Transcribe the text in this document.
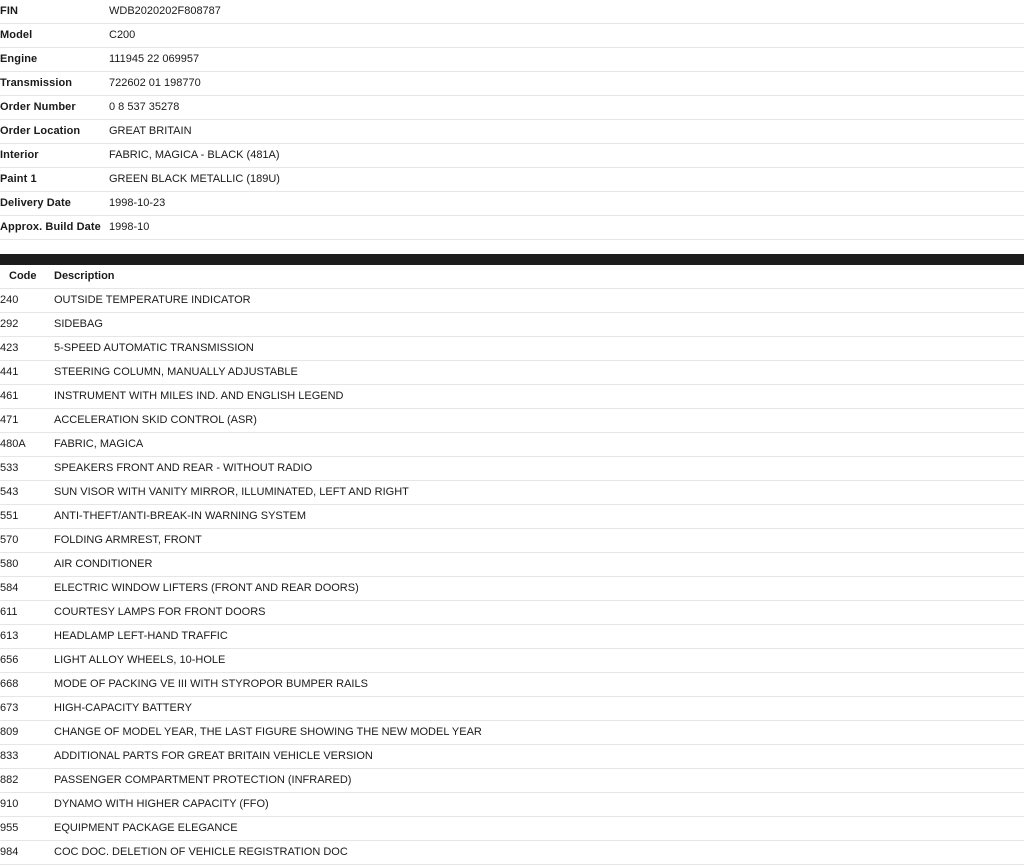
FIN	WDB2020202F808787
Model	C200
Engine	111945 22 069957
Transmission	722602 01 198770
Order Number	0 8 537 35278
Order Location	GREAT BRITAIN
Interior	FABRIC, MAGICA - BLACK (481A)
Paint 1	GREEN BLACK METALLIC (189U)
Delivery Date	1998-10-23
Approx. Build Date	1998-10
Code	Description
240	OUTSIDE TEMPERATURE INDICATOR
292	SIDEBAG
423	5-SPEED AUTOMATIC TRANSMISSION
441	STEERING COLUMN, MANUALLY ADJUSTABLE
461	INSTRUMENT WITH MILES IND. AND ENGLISH LEGEND
471	ACCELERATION SKID CONTROL (ASR)
480A	FABRIC, MAGICA
533	SPEAKERS FRONT AND REAR - WITHOUT RADIO
543	SUN VISOR WITH VANITY MIRROR, ILLUMINATED, LEFT AND RIGHT
551	ANTI-THEFT/ANTI-BREAK-IN WARNING SYSTEM
570	FOLDING ARMREST, FRONT
580	AIR CONDITIONER
584	ELECTRIC WINDOW LIFTERS (FRONT AND REAR DOORS)
611	COURTESY LAMPS FOR FRONT DOORS
613	HEADLAMP LEFT-HAND TRAFFIC
656	LIGHT ALLOY WHEELS, 10-HOLE
668	MODE OF PACKING VE III WITH STYROPOR BUMPER RAILS
673	HIGH-CAPACITY BATTERY
809	CHANGE OF MODEL YEAR, THE LAST FIGURE SHOWING THE NEW MODEL YEAR
833	ADDITIONAL PARTS FOR GREAT BRITAIN VEHICLE VERSION
882	PASSENGER COMPARTMENT PROTECTION (INFRARED)
910	DYNAMO WITH HIGHER CAPACITY (FFO)
955	EQUIPMENT PACKAGE ELEGANCE
984	COC DOC. DELETION OF VEHICLE REGISTRATION DOC
